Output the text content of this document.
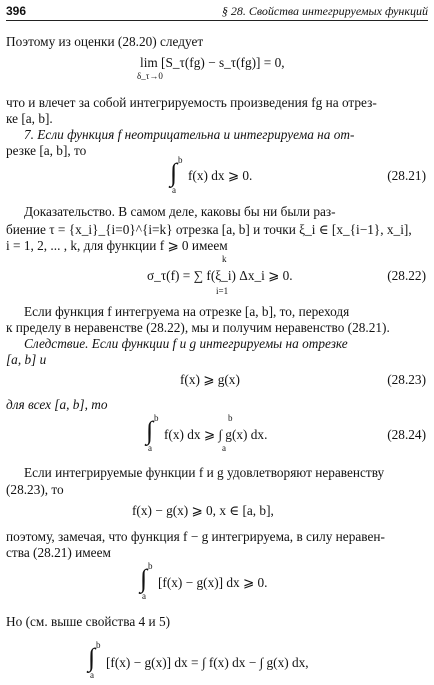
396	§ 28. Свойства интегрируемых функций
Поэтому из оценки (28.20) следует
lim [S_τ(fg) − s_τ(fg)] = 0,
δ_τ→0
что и влечет за собой интегрируемость произведения fg на отрез-
ке [a, b].
7. Если функция f неотрицательна и интегрируема на от-
резке [a, b], то
b
∫
a
f(x) dx ⩾ 0.	(28.21)
Доказательство. В самом деле, каковы бы ни были раз-
биение τ = {x_i}_{i=0}^{i=k} отрезка [a, b] и точки ξ_i ∈ [x_{i−1}, x_i],
i = 1, 2, ... , k, для функции f ⩾ 0 имеем
k
σ_τ(f) = ∑ f(ξ_i) Δx_i ⩾ 0.
i=1
(28.22)
Если функция f интегруема на отрезке [a, b], то, переходя
к пределу в неравенстве (28.22), мы и получим неравенство (28.21).
Следствие. Если функции f и g интегрируемы на отрезке
[a, b] и
f(x) ⩾ g(x)	(28.23)
для всех [a, b], то
b
∫
a
f(x) dx ⩾ ∫ g(x) dx.
b
a
(28.24)
Если интегрируемые функции f и g удовлетворяют неравенству
(28.23), то
f(x) − g(x) ⩾ 0, x ∈ [a, b],
поэтому, замечая, что функция f − g интегрируема, в силу неравен-
ства (28.21) имеем
b
∫
a
[f(x) − g(x)] dx ⩾ 0.
Но (см. выше свойства 4 и 5)
b
∫
a
[f(x) − g(x)] dx = ∫ f(x) dx − ∫ g(x) dx,
